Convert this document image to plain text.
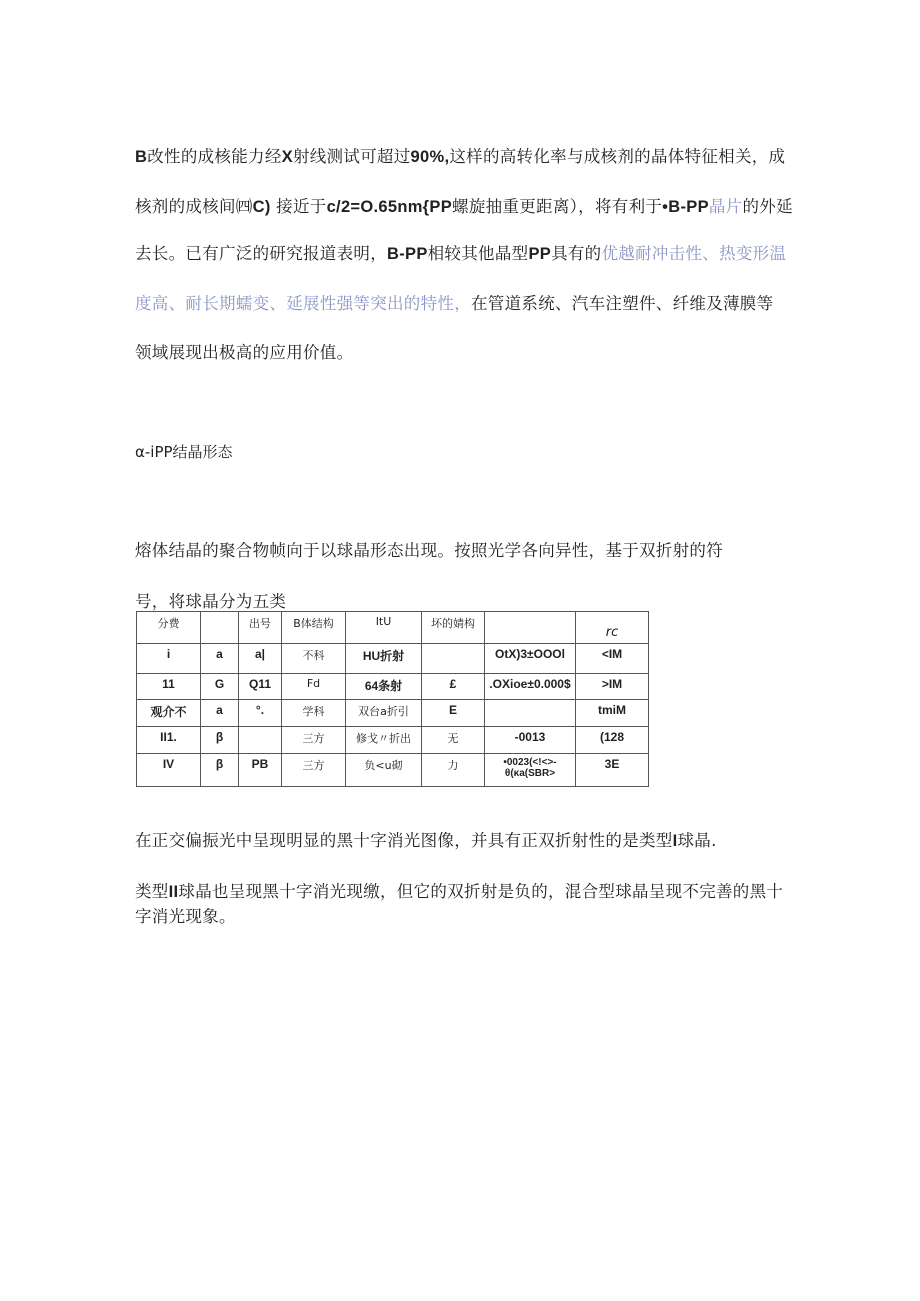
α-iPP结晶形态
分费		出号	B体结构	ItU	坏的婧构		rc
i	a	a|	不科	HU折射		OtX)3±OOOl	<IM
11	G	Q11	Fd	64条射	£	.OXioe±0.000$	>IM
观介不	a	°.	学科	双台a折引	E		tmiM
II1.	β		三方	修戈〃折出	无	-0013	(128
IV	β	PB	三方	负<u砌	力	•0023(<!<>-θ(κa(SBR>	3E
B改性的成核能力经X射线测试可超过90%,这样的高转化率与成核剂的晶体特征相关，成
核剂的成核间㈣C) 接近于c/2=O.65nm{PP螺旋抽重更距离），将有利于•B-PP晶片的外延
去长。已有广泛的研究报道表明，B-PP相较其他晶型PP具有的优越耐冲击性、热变形温
度高、耐长期蠕变、延展性强等突出的特性，在管道系统、汽车注塑件、纤维及薄膜等
领域展现出极高的应用价值。
熔体结晶的聚合物帧向于以球晶形态出现。按照光学各向异性，基于双折射的符
号，将球晶分为五类
在正交偏振光中呈现明显的黑十字消光图像，并具有正双折射性的是类型I球晶.
类型II球晶也呈现黑十字消光现缴，但它的双折射是负的，混合型球晶呈现不完善的黑十
字消光现象。
